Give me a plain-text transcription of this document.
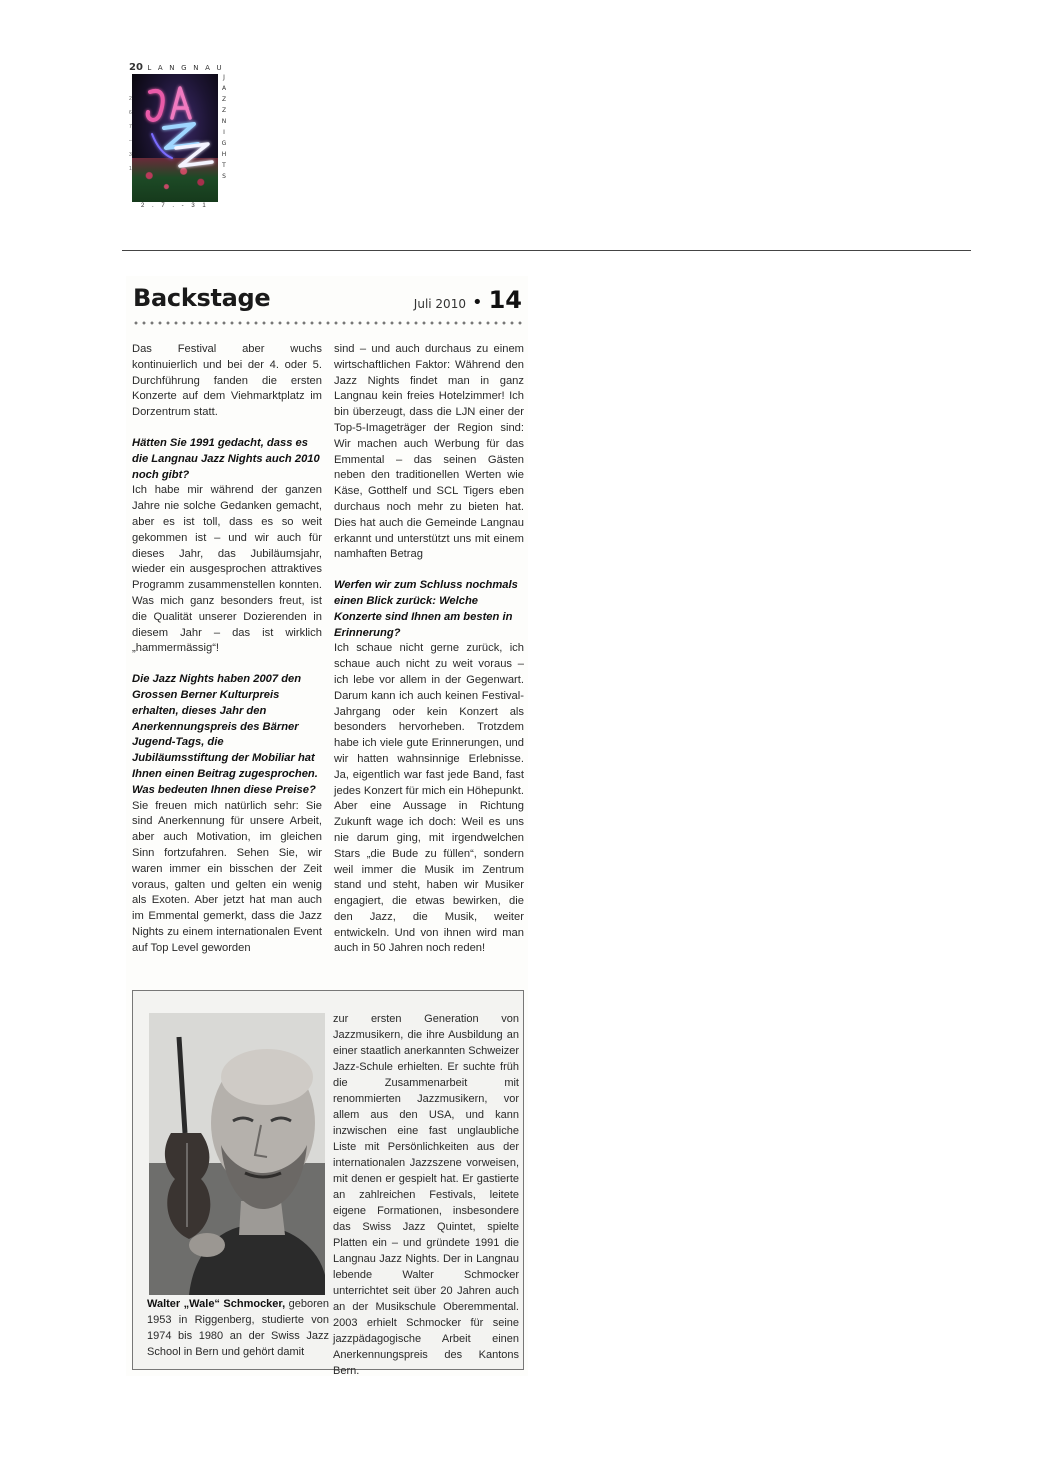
20 L A N G N A U
2
6
7
–
3
1
J
A
Z
Z
N
I
G
H
T
S
2 . 7 . - 3 1
Backstage	Juli 2010 • 14

Das Festival aber wuchs kontinuierlich und bei der 4. oder 5. Durchführung fanden die ersten Konzerte auf dem Viehmarktplatz im Dorzentrum statt.

Hätten Sie 1991 gedacht, dass es die Langnau Jazz Nights auch 2010 noch gibt?

Ich habe mir während der ganzen Jahre nie solche Gedanken gemacht, aber es ist toll, dass es so weit gekommen ist – und wir auch für dieses Jahr, das Jubiläumsjahr, wieder ein ausgesprochen attraktives Programm zusammenstellen konnten. Was mich ganz besonders freut, ist die Qualität unserer Dozierenden in diesem Jahr – das ist wirklich „hammermässig“!

Die Jazz Nights haben 2007 den Grossen Berner Kulturpreis erhalten, dieses Jahr den Anerkennungspreis des Bärner Jugend-Tags, die Jubiläumsstiftung der Mobiliar hat Ihnen einen Beitrag zugesprochen. Was bedeuten Ihnen diese Preise?

Sie freuen mich natürlich sehr: Sie sind Anerkennung für unsere Arbeit, aber auch Motivation, im gleichen Sinn fortzufahren. Sehen Sie, wir waren immer ein bisschen der Zeit voraus, galten und gelten ein wenig als Exoten. Aber jetzt hat man auch im Emmental gemerkt, dass die Jazz Nights zu einem internationalen Event auf Top Level geworden

sind – und auch durchaus zu einem wirtschaftlichen Faktor: Während den Jazz Nights findet man in ganz Langnau kein freies Hotelzimmer! Ich bin überzeugt, dass die LJN einer der Top-5-Imageträger der Region sind: Wir machen auch Werbung für das Emmental – das seinen Gästen neben den traditionellen Werten wie Käse, Gotthelf und SCL Tigers eben durchaus noch mehr zu bieten hat. Dies hat auch die Gemeinde Langnau erkannt und unterstützt uns mit einem namhaften Betrag

Werfen wir zum Schluss nochmals einen Blick zurück: Welche Konzerte sind Ihnen am besten in Erinnerung?

Ich schaue nicht gerne zurück, ich schaue auch nicht zu weit voraus – ich lebe vor allem in der Gegenwart. Darum kann ich auch keinen Festival-Jahrgang oder kein Konzert als besonders hervorheben. Trotzdem habe ich viele gute Erinnerungen, und wir hatten wahnsinnige Erlebnisse. Ja, eigentlich war fast jede Band, fast jedes Konzert für mich ein Höhepunkt. Aber eine Aussage in Richtung Zukunft wage ich doch: Weil es uns nie darum ging, mit irgendwelchen Stars „die Bude zu füllen“, sondern weil immer die Musik im Zentrum stand und steht, haben wir Musiker engagiert, die etwas bewirken, die den Jazz, die Musik, weiter entwickeln. Und von ihnen wird man auch in 50 Jahren noch reden!

Walter „Wale“ Schmocker, geboren 1953 in Riggenberg, studierte von 1974 bis 1980 an der Swiss Jazz School in Bern und gehört damit
zur ersten Generation von Jazzmusikern, die ihre Ausbildung an einer staatlich anerkannten Schweizer Jazz-Schule erhielten. Er suchte früh die Zusammenarbeit mit renommierten Jazzmusikern, vor allem aus den USA, und kann inzwischen eine fast unglaubliche Liste mit Persönlichkeiten aus der internationalen Jazzszene vorweisen, mit denen er gespielt hat. Er gastierte an zahlreichen Festivals, leitete eigene Formationen, insbesondere das Swiss Jazz Quintet, spielte Platten ein – und gründete 1991 die Langnau Jazz Nights. Der in Langnau lebende Walter Schmocker unterrichtet seit über 20 Jahren auch an der Musikschule Oberemmental. 2003 erhielt Schmocker für seine jazzpädagogische Arbeit einen Anerkennungspreis des Kantons Bern.
